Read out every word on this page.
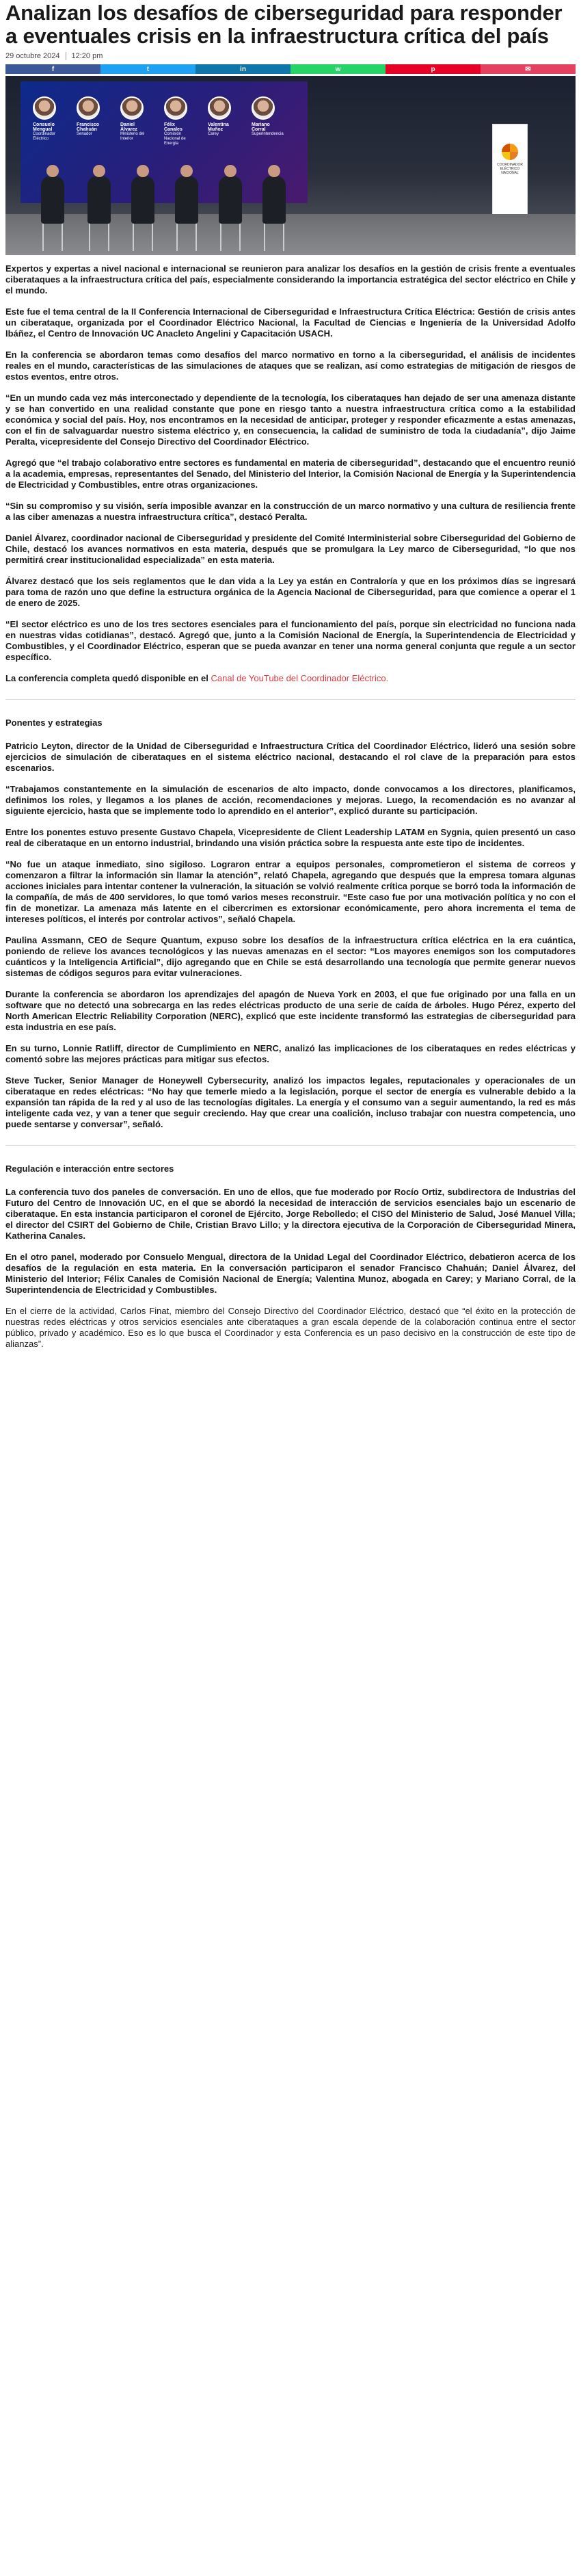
Analizan los desafíos de ciberseguridad para responder a eventuales crisis en la infraestructura crítica del país
29 octubre 2024 12:20 pm
f	t	in	w	p	✉
Consuelo Mengual
Coordinador Eléctrico
Francisco Chahuán
Senador
Daniel Álvarez
Ministerio del Interior
Félix Canales
Comisión Nacional de Energía
Valentina Muñoz
Carey
Mariano Corral
Superintendencia
COORDINADOR ELÉCTRICO NACIONAL

Expertos y expertas a nivel nacional e internacional se reunieron para analizar los desafíos en la gestión de crisis frente a eventuales ciberataques a la infraestructura crítica del país, especialmente considerando la importancia estratégica del sector eléctrico en Chile y el mundo.

Este fue el tema central de la II Conferencia Internacional de Ciberseguridad e Infraestructura Crítica Eléctrica: Gestión de crisis antes un ciberataque, organizada por el Coordinador Eléctrico Nacional, la Facultad de Ciencias e Ingeniería de la Universidad Adolfo Ibáñez, el Centro de Innovación UC Anacleto Angelini y Capacitación USACH.

En la conferencia se abordaron temas como desafíos del marco normativo en torno a la ciberseguridad, el análisis de incidentes reales en el mundo, características de las simulaciones de ataques que se realizan, así como estrategias de mitigación de riesgos de estos eventos, entre otros.

“En un mundo cada vez más interconectado y dependiente de la tecnología, los ciberataques han dejado de ser una amenaza distante y se han convertido en una realidad constante que pone en riesgo tanto a nuestra infraestructura crítica como a la estabilidad económica y social del país. Hoy, nos encontramos en la necesidad de anticipar, proteger y responder eficazmente a estas amenazas, con el fin de salvaguardar nuestro sistema eléctrico y, en consecuencia, la calidad de suministro de toda la ciudadanía”, dijo Jaime Peralta, vicepresidente del Consejo Directivo del Coordinador Eléctrico.

Agregó que “el trabajo colaborativo entre sectores es fundamental en materia de ciberseguridad”, destacando que el encuentro reunió a la academia, empresas, representantes del Senado, del Ministerio del Interior, la Comisión Nacional de Energía y la Superintendencia de Electricidad y Combustibles, entre otras organizaciones.

“Sin su compromiso y su visión, sería imposible avanzar en la construcción de un marco normativo y una cultura de resiliencia frente a las ciber amenazas a nuestra infraestructura crítica”, destacó Peralta.

Daniel Álvarez, coordinador nacional de Ciberseguridad y presidente del Comité Interministerial sobre Ciberseguridad del Gobierno de Chile, destacó los avances normativos en esta materia, después que se promulgara la Ley marco de Ciberseguridad, “lo que nos permitirá crear institucionalidad especializada” en esta materia.

Álvarez destacó que los seis reglamentos que le dan vida a la Ley ya están en Contraloría y que en los próximos días se ingresará para toma de razón uno que define la estructura orgánica de la Agencia Nacional de Ciberseguridad, para que comience a operar el 1 de enero de 2025.

“El sector eléctrico es uno de los tres sectores esenciales para el funcionamiento del país, porque sin electricidad no funciona nada en nuestras vidas cotidianas”, destacó. Agregó que, junto a la Comisión Nacional de Energía, la Superintendencia de Electricidad y Combustibles, y el Coordinador Eléctrico, esperan que se pueda avanzar en tener una norma general conjunta que regule a un sector específico.

La conferencia completa quedó disponible en el Canal de YouTube del Coordinador Eléctrico.

Ponentes y estrategias

Patricio Leyton, director de la Unidad de Ciberseguridad e Infraestructura Crítica del Coordinador Eléctrico, lideró una sesión sobre ejercicios de simulación de ciberataques en el sistema eléctrico nacional, destacando el rol clave de la preparación para estos escenarios.

“Trabajamos constantemente en la simulación de escenarios de alto impacto, donde convocamos a los directores, planificamos, definimos los roles, y llegamos a los planes de acción, recomendaciones y mejoras. Luego, la recomendación es no avanzar al siguiente ejercicio, hasta que se implemente todo lo aprendido en el anterior”, explicó durante su participación.

Entre los ponentes estuvo presente Gustavo Chapela, Vicepresidente de Client Leadership LATAM en Sygnia, quien presentó un caso real de ciberataque en un entorno industrial, brindando una visión práctica sobre la respuesta ante este tipo de incidentes.

“No fue un ataque inmediato, sino sigiloso. Lograron entrar a equipos personales, comprometieron el sistema de correos y comenzaron a filtrar la información sin llamar la atención”, relató Chapela, agregando que después que la empresa tomara algunas acciones iniciales para intentar contener la vulneración, la situación se volvió realmente crítica porque se borró toda la información de la compañía, de más de 400 servidores, lo que tomó varios meses reconstruir. “Este caso fue por una motivación política y no con el fin de monetizar. La amenaza más latente en el cibercrimen es extorsionar económicamente, pero ahora incrementa el tema de intereses políticos, el interés por controlar activos”, señaló Chapela.

Paulina Assmann, CEO de Sequre Quantum, expuso sobre los desafíos de la infraestructura crítica eléctrica en la era cuántica, poniendo de relieve los avances tecnológicos y las nuevas amenazas en el sector: “Los mayores enemigos son los computadores cuánticos y la Inteligencia Artificial”, dijo agregando que en Chile se está desarrollando una tecnología que permite generar nuevos sistemas de códigos seguros para evitar vulneraciones.

Durante la conferencia se abordaron los aprendizajes del apagón de Nueva York en 2003, el que fue originado por una falla en un software que no detectó una sobrecarga en las redes eléctricas producto de una serie de caída de árboles. Hugo Pérez, experto del North American Electric Reliability Corporation (NERC), explicó que este incidente transformó las estrategias de ciberseguridad para esta industria en ese país.

En su turno, Lonnie Ratliff, director de Cumplimiento en NERC, analizó las implicaciones de los ciberataques en redes eléctricas y comentó sobre las mejores prácticas para mitigar sus efectos.

Steve Tucker, Senior Manager de Honeywell Cybersecurity, analizó los impactos legales, reputacionales y operacionales de un ciberataque en redes eléctricas: “No hay que temerle miedo a la legislación, porque el sector de energía es vulnerable debido a la expansión tan rápida de la red y al uso de las tecnologías digitales. La energía y el consumo van a seguir aumentando, la red es más inteligente cada vez, y van a tener que seguir creciendo. Hay que crear una coalición, incluso trabajar con nuestra competencia, uno puede sentarse y conversar”, señaló.

Regulación e interacción entre sectores

La conferencia tuvo dos paneles de conversación. En uno de ellos, que fue moderado por Rocío Ortiz, subdirectora de Industrias del Futuro del Centro de Innovación UC, en el que se abordó la necesidad de interacción de servicios esenciales bajo un escenario de ciberataque. En esta instancia participaron el coronel de Ejército, Jorge Rebolledo; el CISO del Ministerio de Salud, José Manuel Villa; el director del CSIRT del Gobierno de Chile, Cristian Bravo Lillo; y la directora ejecutiva de la Corporación de Ciberseguridad Minera, Katherina Canales.

En el otro panel, moderado por Consuelo Mengual, directora de la Unidad Legal del Coordinador Eléctrico, debatieron acerca de los desafíos de la regulación en esta materia. En la conversación participaron el senador Francisco Chahuán; Daniel Álvarez, del Ministerio del Interior; Félix Canales de Comisión Nacional de Energía; Valentina Munoz, abogada en Carey; y Mariano Corral, de la Superintendencia de Electricidad y Combustibles.

En el cierre de la actividad, Carlos Finat, miembro del Consejo Directivo del Coordinador Eléctrico, destacó que “el éxito en la protección de nuestras redes eléctricas y otros servicios esenciales ante ciberataques a gran escala depende de la colaboración continua entre el sector público, privado y académico. Eso es lo que busca el Coordinador y esta Conferencia es un paso decisivo en la construcción de este tipo de alianzas”.
